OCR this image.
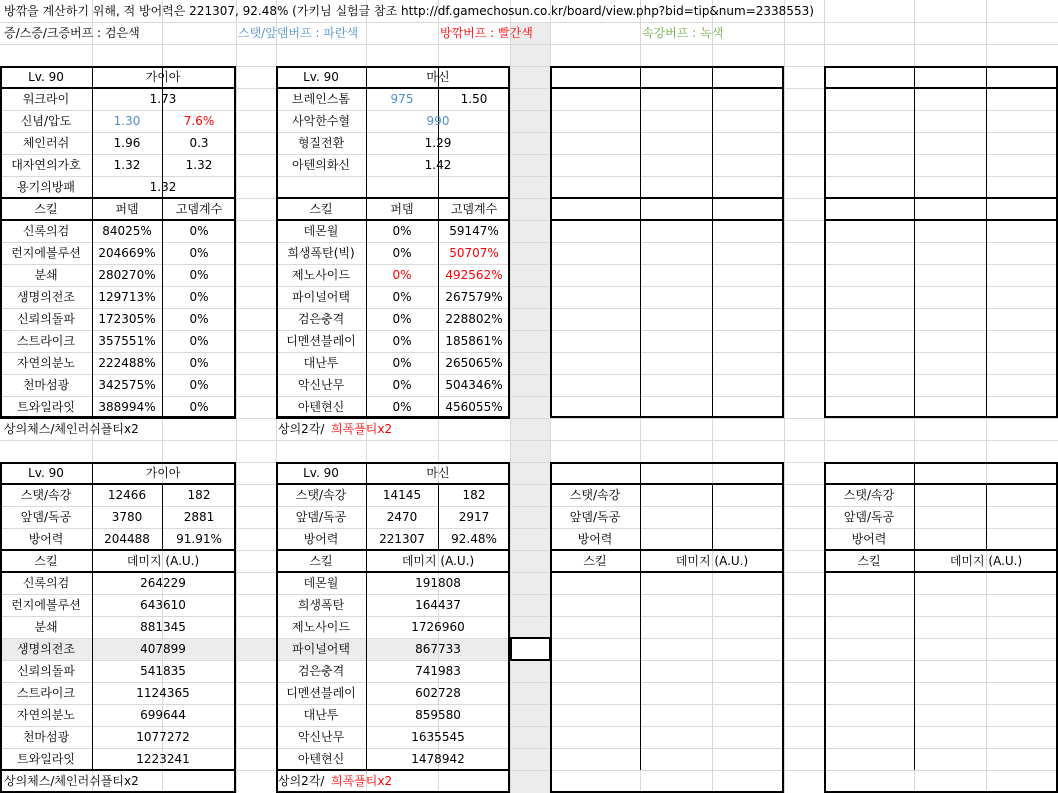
방깎을 계산하기 위해, 적 방어력은 221307, 92.48% (가키님 실험글 참조 http://df.gamechosun.co.kr/board/view.php?bid=tip&num=2338553)
증/스증/크증버프 : 검은색	스탯/앞뎀버프 : 파란색	방깎버프 : 빨간색	속강버프 : 녹색
Lv. 90	가이아
워크라이	1.73
신념/압도	1.30	7.6%
체인러쉬	1.96	0.3
대자연의가호	1.32	1.32
용기의방패	1.32
스킬	퍼뎀	고뎀계수
신록의검	84025%	0%
런지에볼루션 204669%	0%
분쇄	280270%	0%
생명의전조 129713%	0%
신뢰의돌파 172305%	0%
스트라이크 357551%	0%
자연의분노 222488%	0%
천마섬광 342575%	0%
트와일라잇 388994%	0%
상의체스/체인러쉬플티x2
Lv. 90	마신
브레인스톰	975	1.50
사악한수혈	990
형질전환	1.29
아텐의화신	1.42
스킬	퍼뎀	고뎀계수
데몬월	0%	59147%
희생폭탄(빅)	0%	50707%
제노사이드	0%	492562%
파이널어택	0%	267579%
검은충격	0%	228802%
디멘션블레이	0%	185861%
대난투	0%	265065%
악신난무	0%	504346%
아텐현신	0%	456055%
상의2각/ 희폭플티x2
Lv. 90	가이아
스탯/속강	12466	182
앞뎀/독공	3780	2881
방어력	204488 91.91%
스킬	데미지 (A.U.)
신록의검	264229
런지에볼루션	643610
분쇄	881345
생명의전조	407899
신뢰의돌파	541835
스트라이크	1124365
자연의분노	699644
천마섬광	1077272
트와일라잇	1223241
상의체스/체인러쉬플티x2
Lv. 90	마신
스탯/속강	14145	182
앞뎀/독공	2470	2917
방어력	221307 92.48%
스킬	데미지 (A.U.)
데몬월	191808
희생폭탄	164437
제노사이드	1726960
파이널어택	867733
검은충격	741983
디멘션블레이	602728
대난투	859580
악신난무	1635545
아텐현신	1478942
상의2각/ 희폭플티x2
스탯/속강
앞뎀/독공
방어력
스킬	데미지 (A.U.)
스탯/속강
앞뎀/독공
방어력
스킬	데미지 (A.U.)
